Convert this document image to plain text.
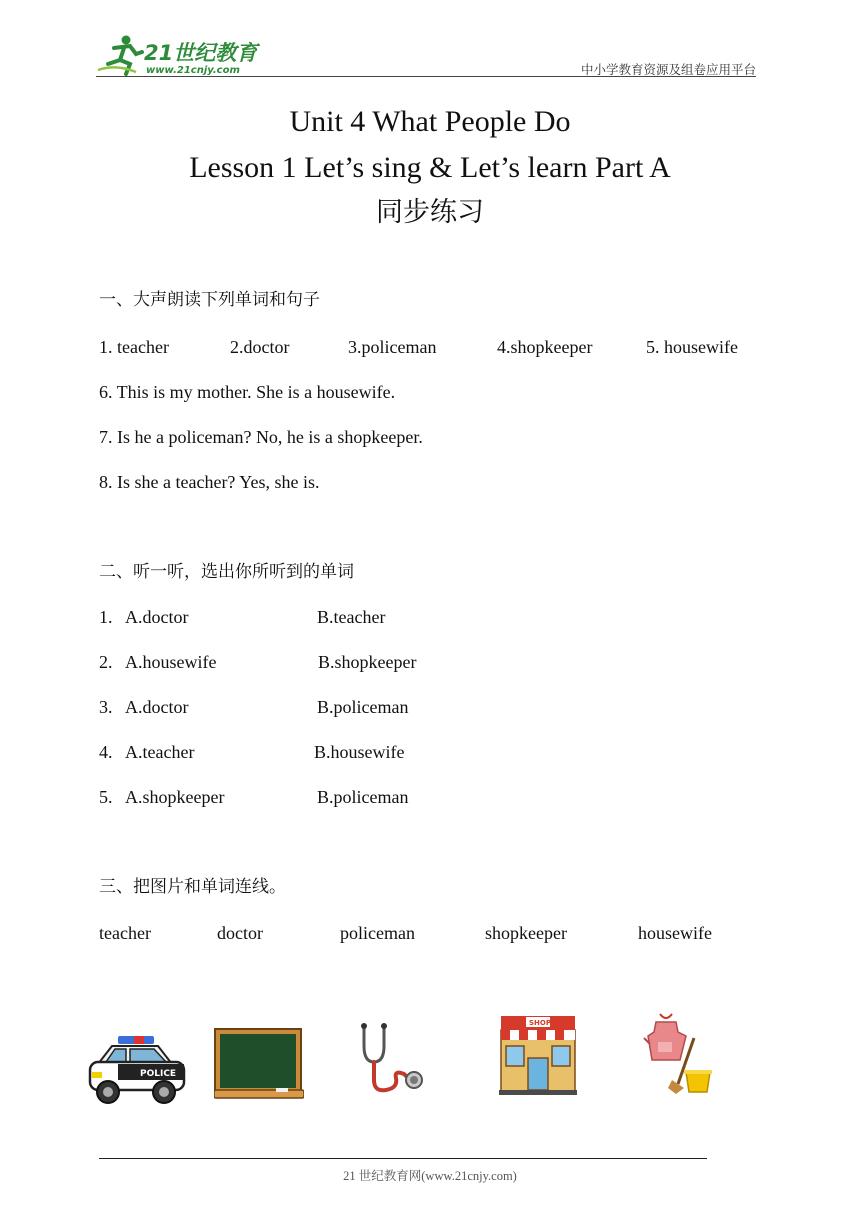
21世纪教育
www.21cnjy.com	中小学教育资源及组卷应用平台
Unit 4 What People Do
Lesson 1 Let’s sing & Let’s learn Part A
同步练习
一、大声朗读下列单词和句子
1. teacher	2.doctor	3.policeman	4.shopkeeper	5. housewife
6. This is my mother. She is a housewife.
7. Is he a policeman? No, he is a shopkeeper.
8. Is she a teacher? Yes, she is.
二、听一听，选出你所听到的单词
1. A.doctor	B.teacher
2. A.housewife	B.shopkeeper
3. A.doctor	B.policeman
4. A.teacher	B.housewife
5. A.shopkeeper	B.policeman
三、把图片和单词连线。
teacher	doctor	policeman	shopkeeper	housewife
POLICE
SHOP
21 世纪教育网(www.21cnjy.com)
